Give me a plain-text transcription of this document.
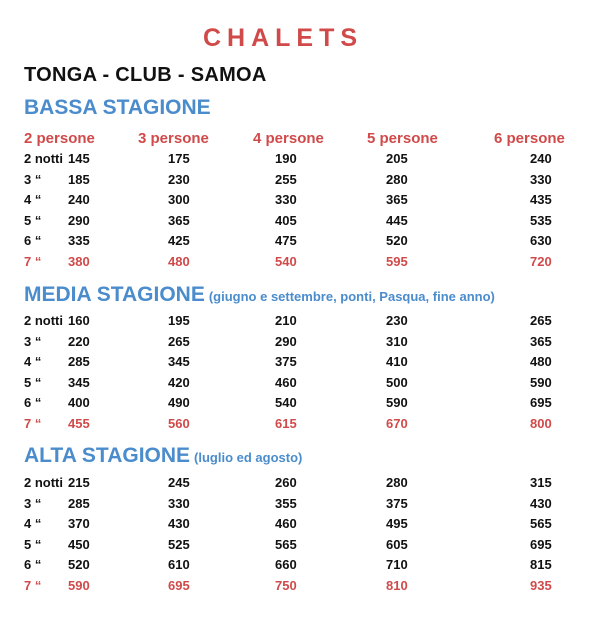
CHALETS
TONGA - CLUB - SAMOA
2 persone	3 persone	4 persone	5 persone	6 persone
BASSA STAGIONE
2 notti 145	175	190	205	240
3 “ 185	230	255	280	330
4 “ 240	300	330	365	435
5 “ 290	365	405	445	535
6 “ 335	425	475	520	630
7 “ 380	480	540	595	720
MEDIA STAGIONE (giugno e settembre, ponti, Pasqua, fine anno)
2 notti 160	195	210	230	265
3 “ 220	265	290	310	365
4 “ 285	345	375	410	480
5 “ 345	420	460	500	590
6 “ 400	490	540	590	695
7 “ 455	560	615	670	800
ALTA STAGIONE (luglio ed agosto)
2 notti 215	245	260	280	315
3 “ 285	330	355	375	430
4 “ 370	430	460	495	565
5 “ 450	525	565	605	695
6 “ 520	610	660	710	815
7 “ 590	695	750	810	935
